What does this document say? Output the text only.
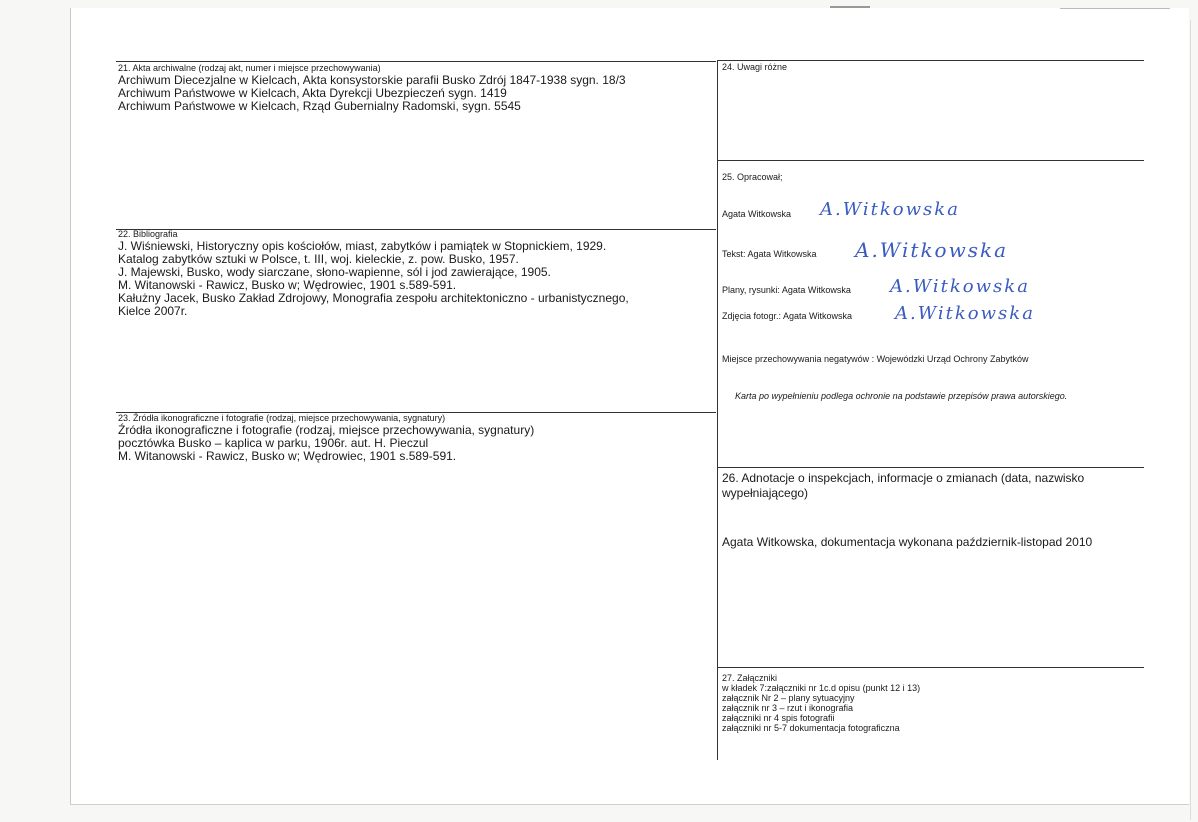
21. Akta archiwalne (rodzaj akt, numer i miejsce przechowywania)
Archiwum Diecezjalne w Kielcach, Akta konsystorskie parafii Busko Zdrój 1847-1938 sygn. 18/3
Archiwum Państwowe w Kielcach, Akta Dyrekcji Ubezpieczeń sygn. 1419
Archiwum Państwowe w Kielcach, Rząd Gubernialny Radomski, sygn. 5545
22. Bibliografia
J. Wiśniewski, Historyczny opis kościołów, miast, zabytków i pamiątek w Stopnickiem, 1929.
Katalog zabytków sztuki w Polsce, t. III, woj. kieleckie, z. pow. Busko, 1957.
J. Majewski, Busko, wody siarczane, słono-wapienne, sól i jod zawierające, 1905.
M. Witanowski - Rawicz, Busko w; Wędrowiec, 1901 s.589-591.
Kałużny Jacek, Busko Zakład Zdrojowy, Monografia zespołu architektoniczno - urbanistycznego,
Kielce 2007r.
23. Źródła ikonograficzne i fotografie (rodzaj, miejsce przechowywania, sygnatury)
Źródła ikonograficzne i fotografie (rodzaj, miejsce przechowywania, sygnatury)
pocztówka Busko – kaplica w parku, 1906r. aut. H. Pieczul
M. Witanowski - Rawicz, Busko w; Wędrowiec, 1901 s.589-591.
24. Uwagi różne
25. Opracował;
Agata Witkowska A.Witkowska
Tekst: Agata Witkowska A.Witkowska
Plany, rysunki: Agata Witkowska A.Witkowska
Zdjęcia fotogr.: Agata Witkowska A.Witkowska
Miejsce przechowywania negatywów : Wojewódzki Urząd Ochrony Zabytków
Karta po wypełnieniu podlega ochronie na podstawie przepisów prawa autorskiego.
26. Adnotacje o inspekcjach, informacje o zmianach (data, nazwisko
wypełniającego)
Agata Witkowska, dokumentacja wykonana październik-listopad 2010
27. Załączniki
w kładek 7:załączniki nr 1c.d opisu (punkt 12 i 13)
załącznik Nr 2 – plany sytuacyjny
załącznik nr 3 – rzut i ikonografia
załączniki nr 4 spis fotografii
załączniki nr 5-7 dokumentacja fotograficzna
